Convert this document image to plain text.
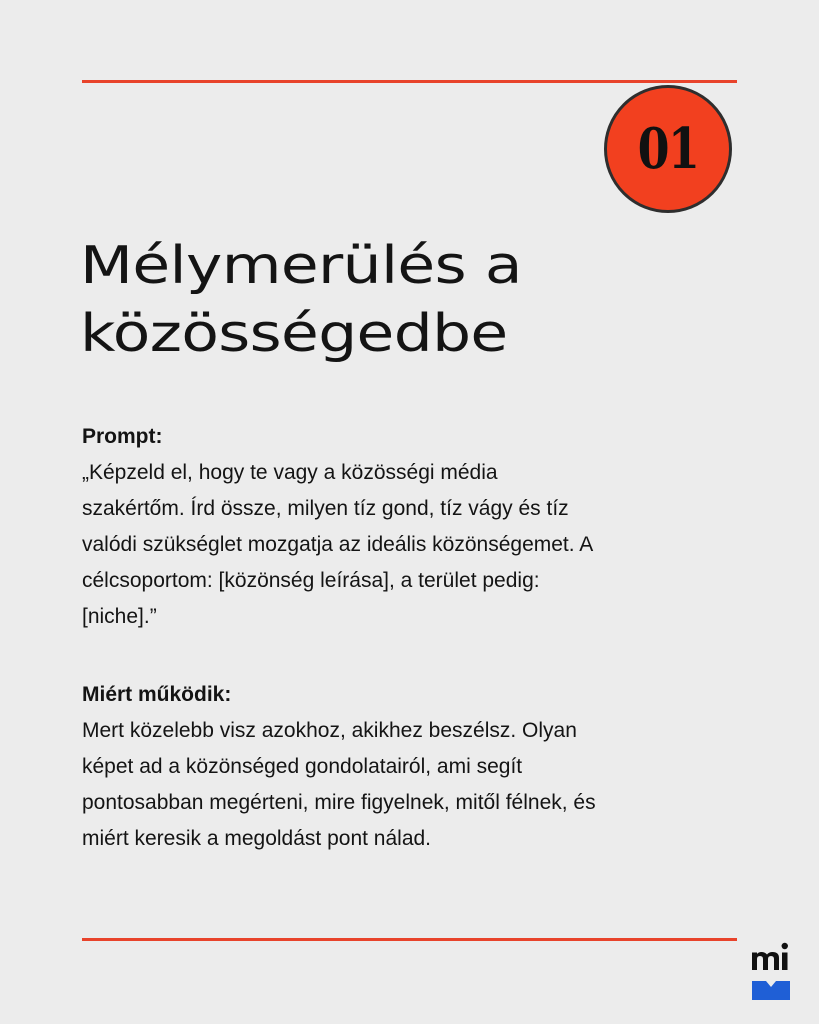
01
Mélymerülés a
közösségedbe
Prompt:
„Képzeld el, hogy te vagy a közösségi média
szakértőm. Írd össze, milyen tíz gond, tíz vágy és tíz
valódi szükséglet mozgatja az ideális közönségemet. A
célcsoportom: [közönség leírása], a terület pedig:
[niche].”
Miért működik:
Mert közelebb visz azokhoz, akikhez beszélsz. Olyan
képet ad a közönséged gondolatairól, ami segít
pontosabban megérteni, mire figyelnek, mitől félnek, és
miért keresik a megoldást pont nálad.
